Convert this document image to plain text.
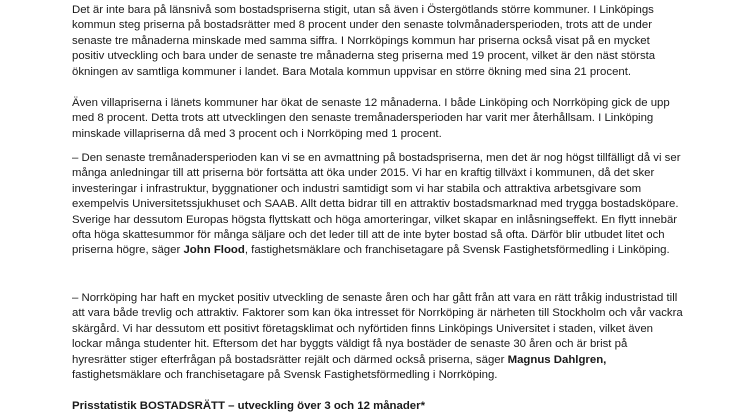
Det är inte bara på länsnivå som bostadspriserna stigit, utan så även i Östergötlands större kommuner. I Linköpings kommun steg priserna på bostadsrätter med 8 procent under den senaste tolvmånadersperioden, trots att de under senaste tre månaderna minskade med samma siffra. I Norrköpings kommun har priserna också visat på en mycket positiv utveckling och bara under de senaste tre månaderna steg priserna med 19 procent, vilket är den näst största ökningen av samtliga kommuner i landet. Bara Motala kommun uppvisar en större ökning med sina 21 procent.

Även villapriserna i länets kommuner har ökat de senaste 12 månaderna. I både Linköping och Norrköping gick de upp med 8 procent. Detta trots att utvecklingen den senaste tremånadersperioden har varit mer återhållsam. I Linköping minskade villapriserna då med 3 procent och i Norrköping med 1 procent.

– Den senaste tremånadersperioden kan vi se en avmattning på bostadspriserna, men det är nog högst tillfälligt då vi ser många anledningar till att priserna bör fortsätta att öka under 2015. Vi har en kraftig tillväxt i kommunen, då det sker investeringar i infrastruktur, byggnationer och industri samtidigt som vi har stabila och attraktiva arbetsgivare som exempelvis Universitetssjukhuset och SAAB. Allt detta bidrar till en attraktiv bostadsmarknad med trygga bostadsköpare. Sverige har dessutom Europas högsta flyttskatt och höga amorteringar, vilket skapar en inlåsningseffekt. En flytt innebär ofta höga skattesummor för många säljare och det leder till att de inte byter bostad så ofta. Därför blir utbudet litet och priserna högre, säger John Flood, fastighetsmäklare och franchisetagare på Svensk Fastighetsförmedling i Linköping.

– Norrköping har haft en mycket positiv utveckling de senaste åren och har gått från att vara en rätt tråkig industristad till att vara både trevlig och attraktiv. Faktorer som kan öka intresset för Norrköping är närheten till Stockholm och vår vackra skärgård. Vi har dessutom ett positivt företagsklimat och nyförtiden finns Linköpings Universitet i staden, vilket även lockar många studenter hit. Eftersom det har byggts väldigt få nya bostäder de senaste 30 åren och är brist på hyresrätter stiger efterfrågan på bostadsrätter rejält och därmed också priserna, säger Magnus Dahlgren, fastighetsmäklare och franchisetagare på Svensk Fastighetsförmedling i Norrköping.

Prisstatistik BOSTADSRÄTT – utveckling över 3 och 12 månader*
